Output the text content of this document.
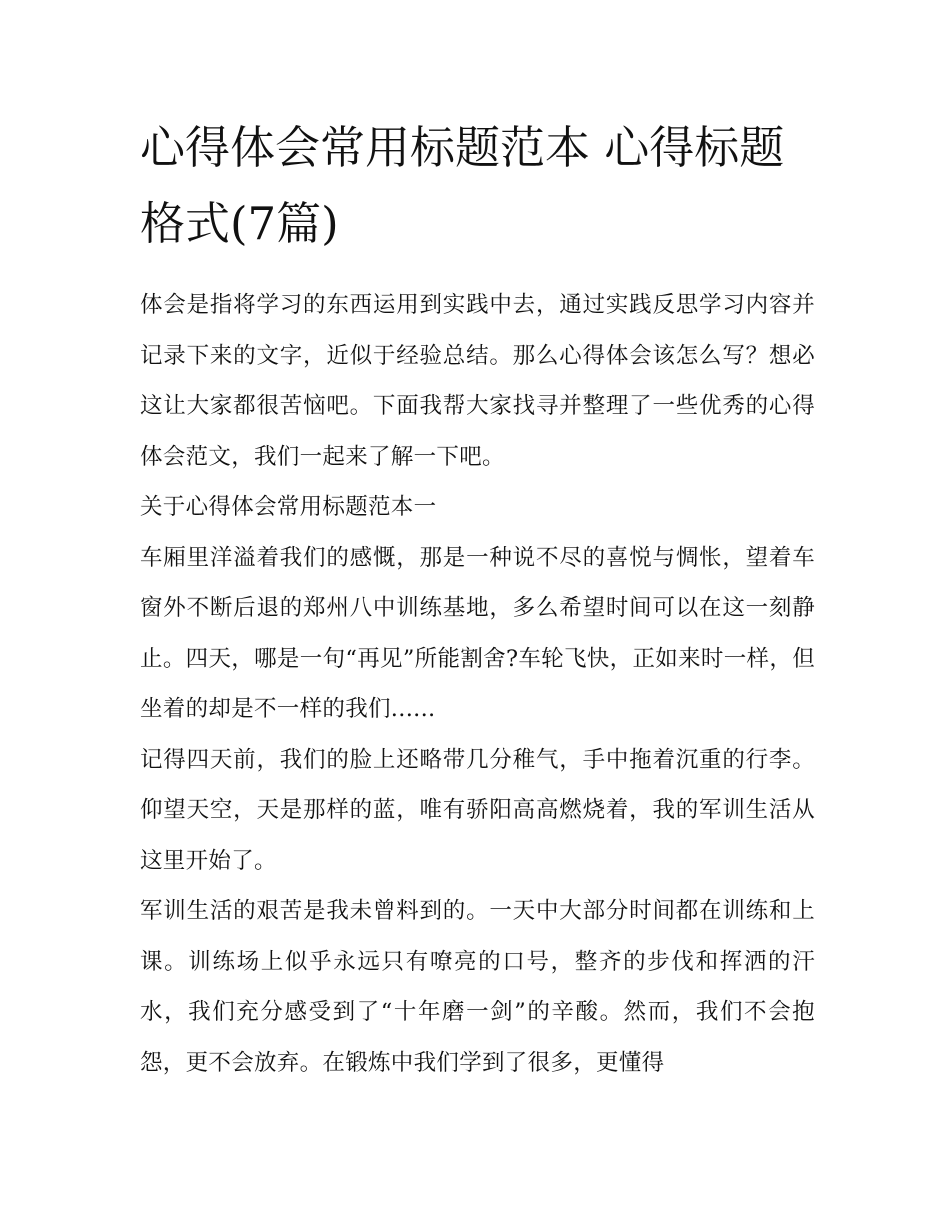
心得体会常用标题范本 心得标题格式(7篇)

体会是指将学习的东西运用到实践中去，通过实践反思学习内容并记录下来的文字，近似于经验总结。那么心得体会该怎么写？想必这让大家都很苦恼吧。下面我帮大家找寻并整理了一些优秀的心得体会范文，我们一起来了解一下吧。

关于心得体会常用标题范本一

车厢里洋溢着我们的感慨，那是一种说不尽的喜悦与惆怅，望着车窗外不断后退的郑州八中训练基地，多么希望时间可以在这一刻静止。四天，哪是一句“再见”所能割舍?车轮飞快，正如来时一样，但坐着的却是不一样的我们......

记得四天前，我们的脸上还略带几分稚气，手中拖着沉重的行李。仰望天空，天是那样的蓝，唯有骄阳高高燃烧着，我的军训生活从这里开始了。

军训生活的艰苦是我未曾料到的。一天中大部分时间都在训练和上课。训练场上似乎永远只有嘹亮的口号，整齐的步伐和挥洒的汗水，我们充分感受到了“十年磨一剑”的辛酸。然而，我们不会抱怨，更不会放弃。在锻炼中我们学到了很多，更懂得
